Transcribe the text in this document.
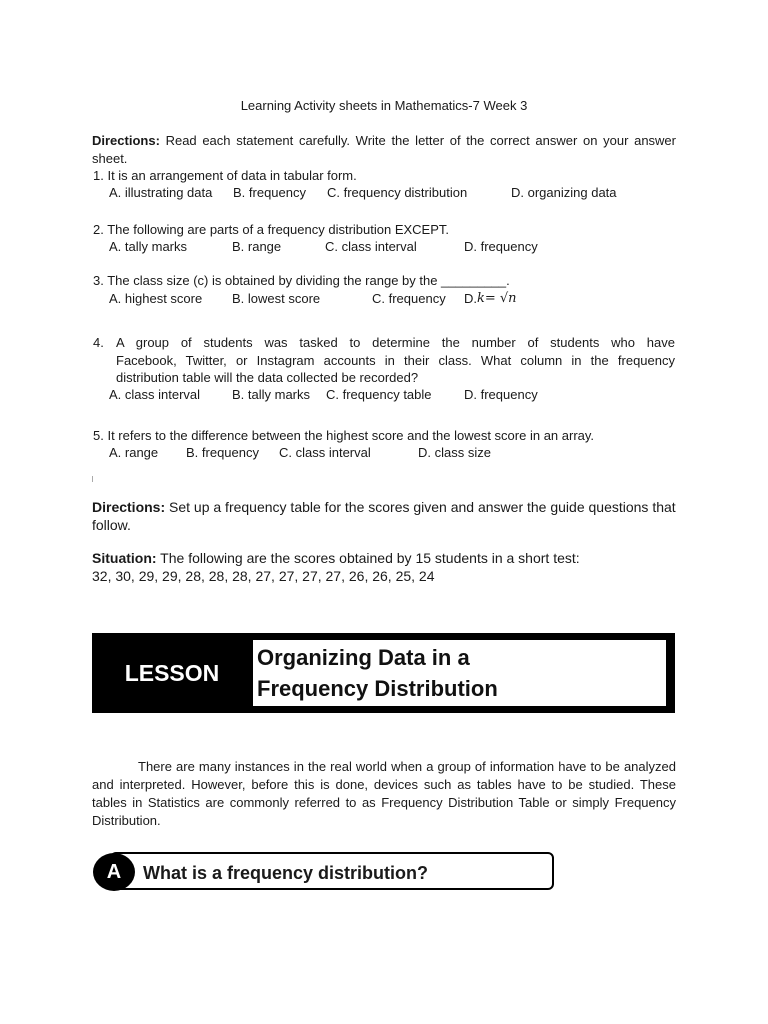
Learning Activity sheets in Mathematics-7 Week 3
Directions: Read each statement carefully. Write the letter of the correct answer on your answer sheet.
1. It is an arrangement of data in tabular form.
A. illustrating data	B. frequency	C. frequency distribution	D. organizing data
2. The following are parts of a frequency distribution EXCEPT.
A. tally marks	B. range	C. class interval	D. frequency
3. The class size (c) is obtained by dividing the range by the _________.
A. highest score	B. lowest score	C. frequency	D. k= √n
4. A group of students was tasked to determine the number of students who have
Facebook, Twitter, or Instagram accounts in their class. What column in the frequency
distribution table will the data collected be recorded?
A. class interval	B. tally marks	C. frequency table	D. frequency
5. It refers to the difference between the highest score and the lowest score in an array.
A. range	B. frequency	C. class interval	D. class size
Directions: Set up a frequency table for the scores given and answer the guide questions that follow.
Situation: The following are the scores obtained by 15 students in a short test:
32, 30, 29, 29, 28, 28, 28, 27, 27, 27, 27, 26, 26, 25, 24
LESSON
Organizing Data in a
Frequency Distribution
There are many instances in the real world when a group of information have to be analyzed and interpreted. However, before this is done, devices such as tables have to be studied. These tables in Statistics are commonly referred to as Frequency Distribution Table or simply Frequency Distribution.
A	What is a frequency distribution?
